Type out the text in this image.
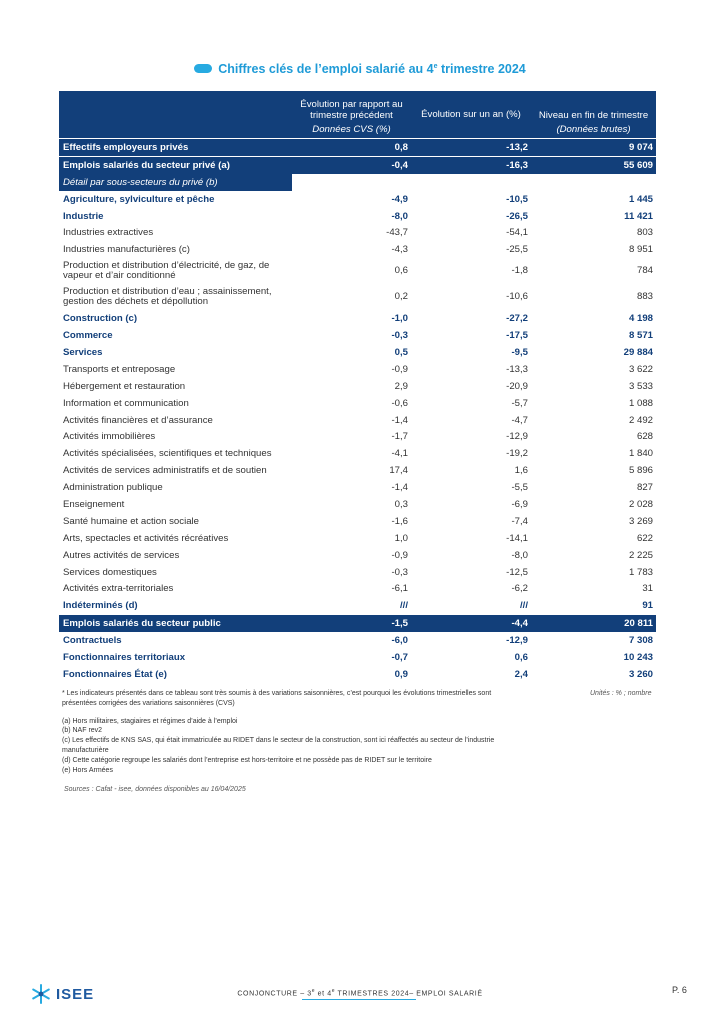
Chiffres clés de l’emploi salarié au 4e trimestre 2024
	Évolution par rapport au trimestre précédent	Évolution sur un an (%)	Niveau en fin de trimestre
	Données CVS (%)		(Données brutes)
Effectifs employeurs privés	0,8	-13,2	9 074
Emplois salariés du secteur privé (a)	-0,4	-16,3	55 609
Détail par sous-secteurs du privé (b)			
Agriculture, sylviculture et pêche	-4,9	-10,5	1 445
Industrie	-8,0	-26,5	11 421
Industries extractives	-43,7	-54,1	803
Industries manufacturières (c)	-4,3	-25,5	8 951
Production et distribution d’électricité, de gaz, de vapeur et d’air conditionné	0,6	-1,8	784
Production et distribution d’eau ; assainissement, gestion des déchets et dépollution	0,2	-10,6	883
Construction (c)	-1,0	-27,2	4 198
Commerce	-0,3	-17,5	8 571
Services	0,5	-9,5	29 884
Transports et entreposage	-0,9	-13,3	3 622
Hébergement et restauration	2,9	-20,9	3 533
Information et communication	-0,6	-5,7	1 088
Activités financières et d’assurance	-1,4	-4,7	2 492
Activités immobilières	-1,7	-12,9	628
Activités spécialisées, scientifiques et techniques	-4,1	-19,2	1 840
Activités de services administratifs et de soutien	17,4	1,6	5 896
Administration publique	-1,4	-5,5	827
Enseignement	0,3	-6,9	2 028
Santé humaine et action sociale	-1,6	-7,4	3 269
Arts, spectacles et activités récréatives	1,0	-14,1	622
Autres activités de services	-0,9	-8,0	2 225
Services domestiques	-0,3	-12,5	1 783
Activités extra-territoriales	-6,1	-6,2	31
Indéterminés (d)	///	///	91
Emplois salariés du secteur public	-1,5	-4,4	20 811
Contractuels	-6,0	-12,9	7 308
Fonctionnaires territoriaux	-0,7	0,6	10 243
Fonctionnaires État (e)	0,9	2,4	3 260
Unités : % ; nombre

* Les indicateurs présentés dans ce tableau sont très soumis à des variations saisonnières, c’est pourquoi les évolutions trimestrielles sont présentées corrigées des variations saisonnières (CVS)

(a) Hors militaires, stagiaires et régimes d’aide à l’emploi

(b) NAF rev2

(c) Les effectifs de KNS SAS, qui était immatriculée au RIDET dans le secteur de la construction, sont ici réaffectés au secteur de l’industrie manufacturière

(d) Cette catégorie regroupe les salariés dont l’entreprise est hors-territoire et ne possède pas de RIDET sur le territoire

(e) Hors Armées

Sources : Cafat - isee, données disponibles au 16/04/2025
ISEE	CONJONCTURE – 3e et 4e TRIMESTRES 2024– EMPLOI SALARIÉ	P. 6
